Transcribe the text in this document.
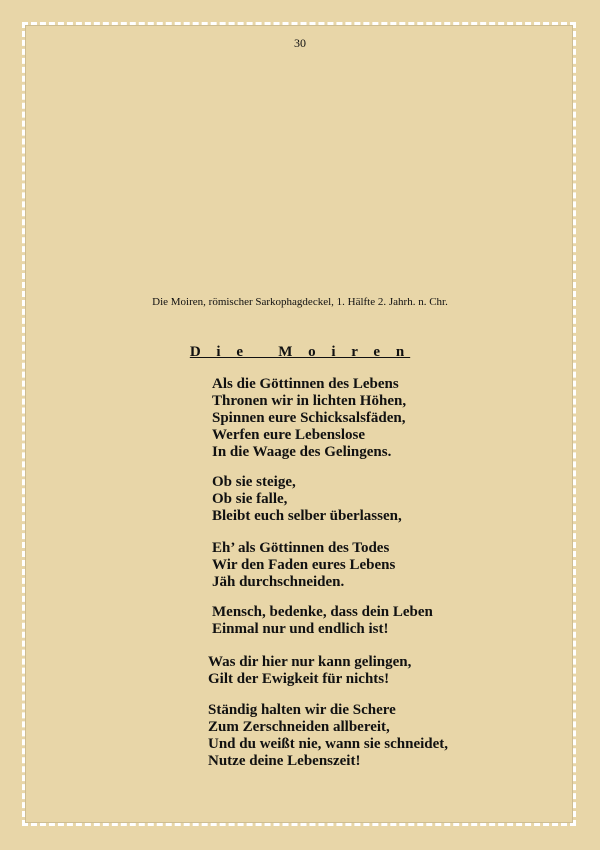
30
Die Moiren, römischer Sarkophagdeckel, 1. Hälfte 2. Jahrh. n. Chr.
D i e   M o i r e n
Als die Göttinnen des Lebens
Thronen wir in lichten Höhen,
Spinnen eure Schicksalsfäden,
Werfen eure Lebenslose
In die Waage des Gelingens.
Ob sie steige,
Ob sie falle,
Bleibt euch selber überlassen,
Eh’ als Göttinnen des Todes
Wir den Faden eures Lebens
Jäh durchschneiden.
Mensch, bedenke, dass dein Leben
Einmal nur und endlich ist!
Was dir hier nur kann gelingen,
Gilt der Ewigkeit für nichts!
Ständig halten wir die Schere
Zum Zerschneiden allbereit,
Und du weißt nie, wann sie schneidet,
Nutze deine Lebenszeit!
